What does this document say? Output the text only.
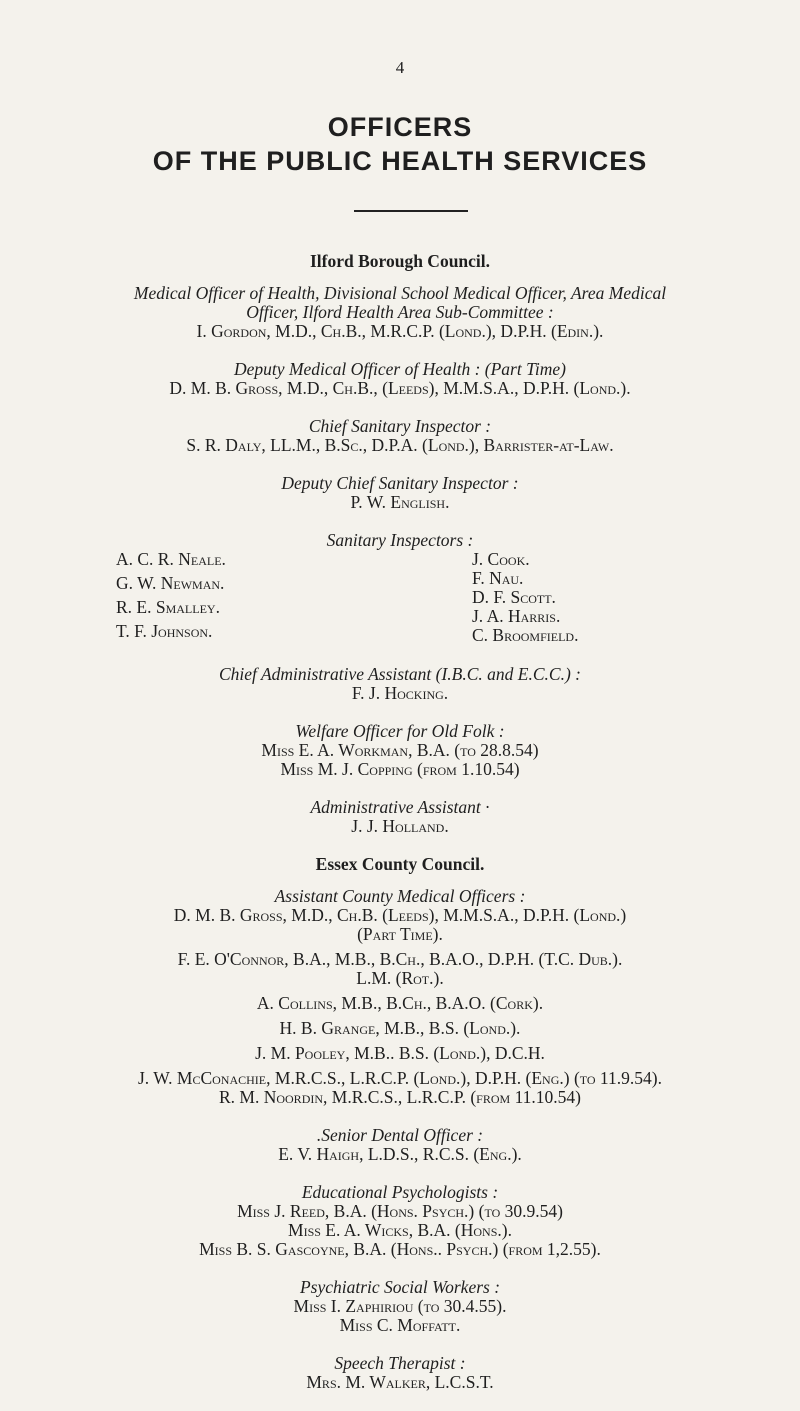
4
OFFICERS
OF THE PUBLIC HEALTH SERVICES
Ilford Borough Council.
Medical Officer of Health, Divisional School Medical Officer, Area Medical
Officer, Ilford Health Area Sub-Committee :
I. Gordon, M.D., Ch.B., M.R.C.P. (Lond.), D.P.H. (Edin.).
Deputy Medical Officer of Health : (Part Time)
D. M. B. Gross, M.D., Ch.B., (Leeds), M.M.S.A., D.P.H. (Lond.).
Chief Sanitary Inspector :
S. R. Daly, LL.M., B.Sc., D.P.A. (Lond.), Barrister-at-Law.
Deputy Chief Sanitary Inspector :
P. W. English.
Sanitary Inspectors :
A. C. R. Neale.
G. W. Newman.
R. E. Smalley.
T. F. Johnson.
J. Cook.
F. Nau.
D. F. Scott.
J. A. Harris.
C. Broomfield.
Chief Administrative Assistant (I.B.C. and E.C.C.) :
F. J. Hocking.
Welfare Officer for Old Folk :
Miss E. A. Workman, B.A. (to 28.8.54)
Miss M. J. Copping (from 1.10.54)
Administrative Assistant ·
J. J. Holland.
Essex County Council.
Assistant County Medical Officers :
D. M. B. Gross, M.D., Ch.B. (Leeds), M.M.S.A., D.P.H. (Lond.)
(Part Time).
F. E. O'Connor, B.A., M.B., B.Ch., B.A.O., D.P.H. (T.C. Dub.).
L.M. (Rot.).
A. Collins, M.B., B.Ch., B.A.O. (Cork).
H. B. Grange, M.B., B.S. (Lond.).
J. M. Pooley, M.B.. B.S. (Lond.), D.C.H.
J. W. McConachie, M.R.C.S., L.R.C.P. (Lond.), D.P.H. (Eng.) (to 11.9.54).
R. M. Noordin, M.R.C.S., L.R.C.P. (from 11.10.54)
.Senior Dental Officer :
E. V. Haigh, L.D.S., R.C.S. (Eng.).
Educational Psychologists :
Miss J. Reed, B.A. (Hons. Psych.) (to 30.9.54)
Miss E. A. Wicks, B.A. (Hons.).
Miss B. S. Gascoyne, B.A. (Hons.. Psych.) (from 1,2.55).
Psychiatric Social Workers :
Miss I. Zaphiriou (to 30.4.55).
Miss C. Moffatt.
Speech Therapist :
Mrs. M. Walker, L.C.S.T.
